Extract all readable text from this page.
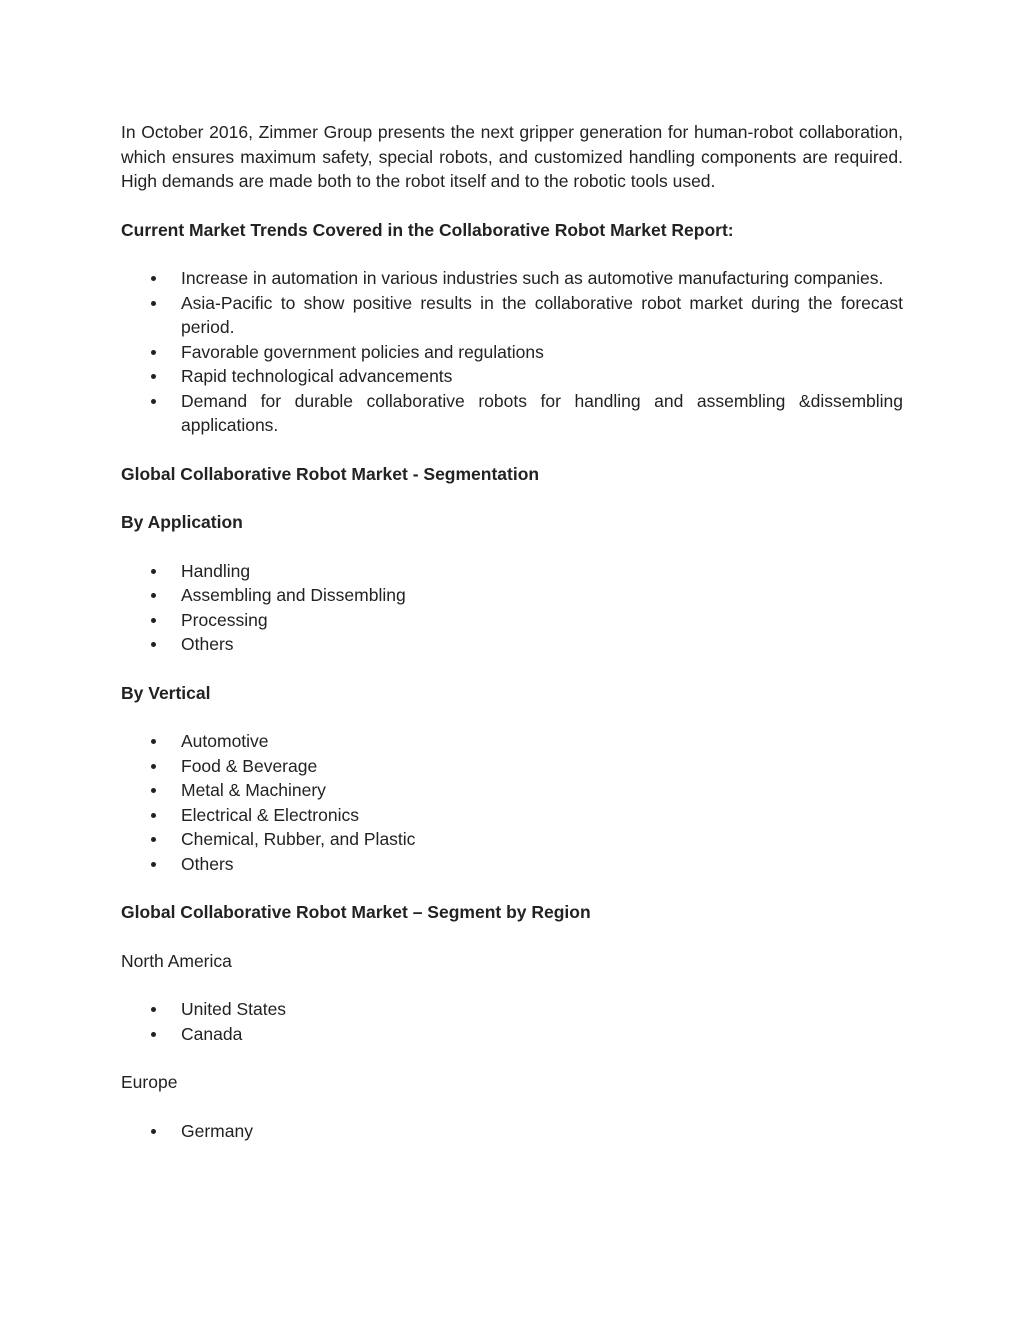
In October 2016, Zimmer Group presents the next gripper generation for human-robot collaboration, which ensures maximum safety, special robots, and customized handling components are required. High demands are made both to the robot itself and to the robotic tools used.

Current Market Trends Covered in the Collaborative Robot Market Report:

Increase in automation in various industries such as automotive manufacturing companies.
Asia-Pacific to show positive results in the collaborative robot market during the forecast period.
Favorable government policies and regulations
Rapid technological advancements
Demand for durable collaborative robots for handling and assembling &dissembling applications.

Global Collaborative Robot Market - Segmentation

By Application

Handling
Assembling and Dissembling
Processing
Others

By Vertical

Automotive
Food & Beverage
Metal & Machinery
Electrical & Electronics
Chemical, Rubber, and Plastic
Others

Global Collaborative Robot Market – Segment by Region

North America

United States
Canada

Europe

Germany
